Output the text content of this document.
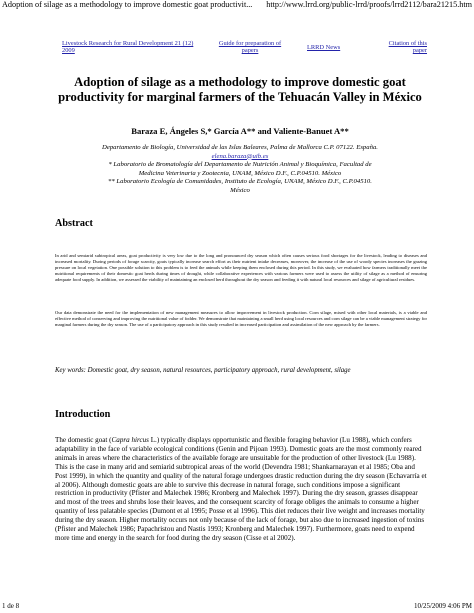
Adoption of silage as a methodology to improve domestic goat productivit... http://www.lrrd.org/public-lrrd/proofs/lrrd2112/bara21215.htm
Livestock Research for Rural Development 21 (12) 2009
Guide for preparation of papers	LRRD News
Citation of this paper
Adoption of silage as a methodology to improve domestic goat productivity for marginal farmers of the Tehuacán Valley in México
Baraza E, Ángeles S,* García A** and Valiente-Banuet A**
Departamento de Biología, Universidad de las Islas Baleares, Palma de Mallorca C.P. 07122. España.
elena.baraza@uib.es
* Laboratorio de Bromatología del Departamento de Nutrición Animal y Bioquímica, Facultad de
Medicina Veterinaria y Zootecnia, UNAM, México D.F., C.P.04510. México
** Laboratorio Ecología de Comunidades, Instituto de Ecología, UNAM, México D.F., C.P.04510.
México
Abstract

In arid and semiarid subtropical areas, goat productivity is very low due to the long and pronounced dry season which often causes serious food shortages for the livestock, leading to diseases and increased mortality. During periods of forage scarcity, goats typically increase search effort as their nutrient intake decreases, moreover, the increase of the use of woody species increases the grazing pressure on local vegetation. One possible solution to this problem is to feed the animals while keeping them enclosed during this period. In this study, we evaluated how farmers traditionally meet the nutritional requirements of their domestic goat herds during times of drought, while collaborative experiences with various farmers were used to assess the utility of silage as a method of ensuring adequate food supply. In addition, we assessed the viability of maintaining an enclosed herd throughout the dry season and feeding it with natural local resources and silage of agricultural residues.

Our data demonstrate the need for the implementation of new management measures to allow improvement in livestock production. Corn silage, mixed with other local materials, is a viable and effective method of conserving and improving the nutritional value of fodder. We demonstrate that maintaining a small herd using local resources and corn silage can be a viable management strategy for marginal farmers during the dry season. The use of a participatory approach in this study resulted in increased participation and assimilation of the new approach by the farmers.

Key words: Domestic goat, dry season, natural resources, participatory approach, rural development, silage

Introduction

The domestic goat (Capra hircus L.) typically displays opportunistic and flexible foraging behavior (Lu 1988), which confers adaptability in the face of variable ecological conditions (Genin and Pijoan 1993). Domestic goats are the most commonly reared animals in areas where the characteristics of the available forage are unsuitable for the production of other livestock (Lu 1988). This is the case in many arid and semiarid subtropical areas of the world (Devendra 1981; Shankarnarayan et al 1985; Oba and Post 1999), in which the quantity and quality of the natural forage undergoes drastic reduction during the dry season (Echavarría et al 2006). Although domestic goats are able to survive this decrease in natural forage, such conditions impose a significant restriction in productivity (Pfister and Malechek 1986; Kronberg and Malechek 1997). During the dry season, grasses disappear and most of the trees and shrubs lose their leaves, and the consequent scarcity of forage obliges the animals to consume a higher quantity of less palatable species (Dumont et al 1995; Posse et al 1996). This diet reduces their live weight and increases mortality during the dry season. Higher mortality occurs not only because of the lack of forage, but also due to increased ingestion of toxins (Pfister and Malechek 1986; Papachristou and Nastis 1993; Kronberg and Malechek 1997). Furthermore, goats need to expend more time and energy in the search for food during the dry season (Cisse et al 2002).

1 de 8	10/25/2009 4:06 PM
